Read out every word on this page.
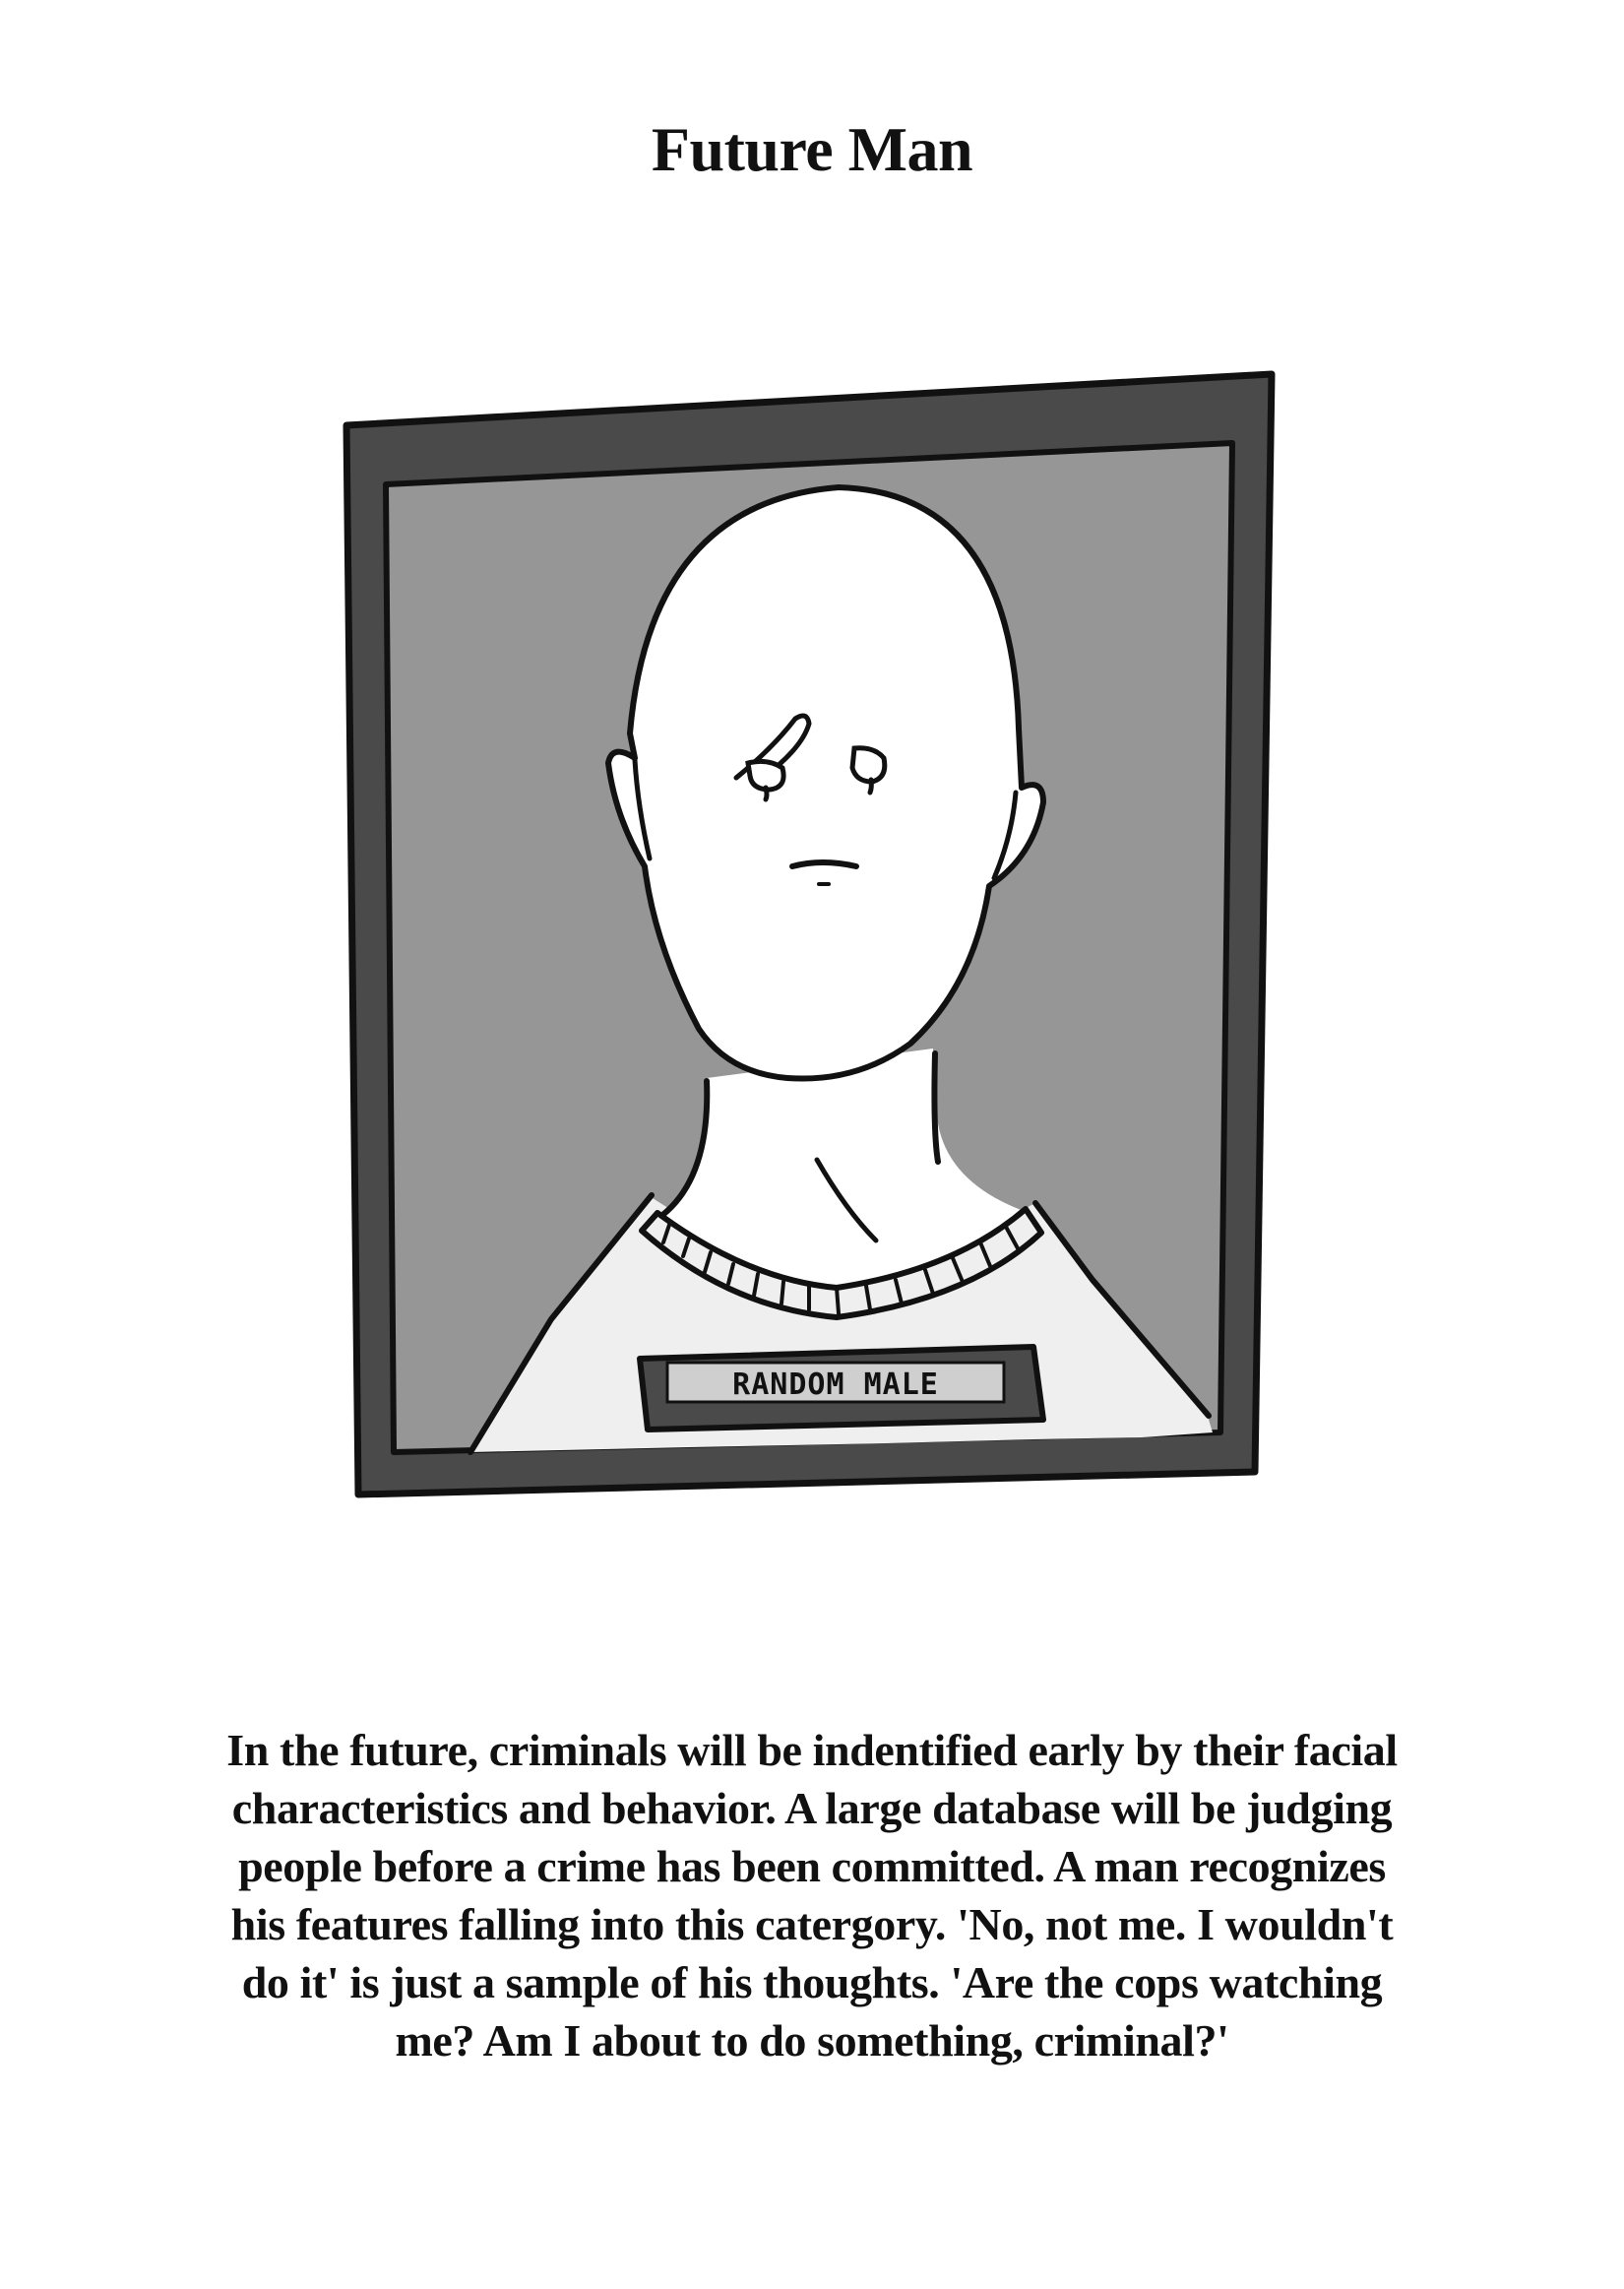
Future Man
RANDOM MALE
In the future, criminals will be indentified early by their facial
characteristics and behavior. A large database will be judging
people before a crime has been committed. A man recognizes
his features falling into this catergory. 'No, not me. I wouldn't
do it' is just a sample of his thoughts. 'Are the cops watching
me? Am I about to do something, criminal?'
